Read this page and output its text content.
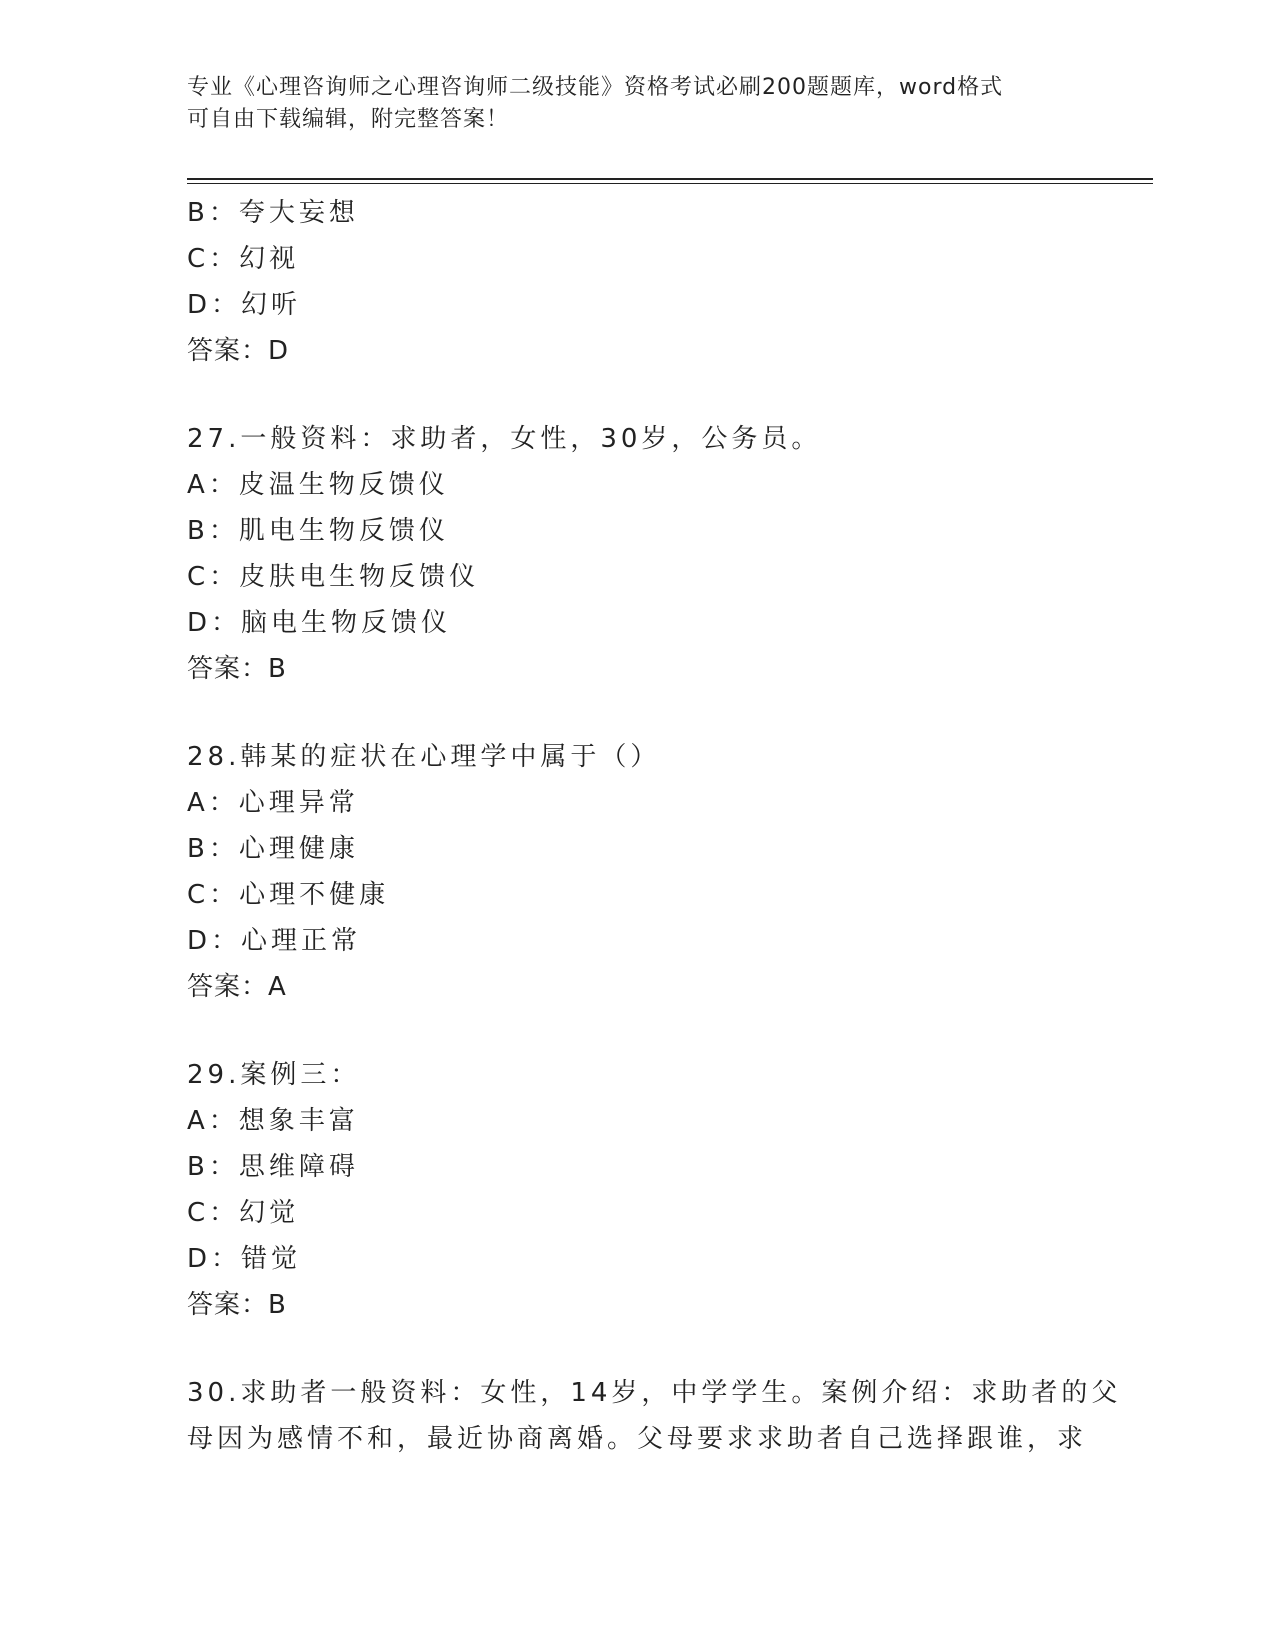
专业《心理咨询师之心理咨询师二级技能》资格考试必刷200题题库，word格式
可自由下载编辑，附完整答案！
B：夸大妄想
C：幻视
D：幻听
答案：D
27.一般资料：求助者，女性，30岁，公务员。
A：皮温生物反馈仪
B：肌电生物反馈仪
C：皮肤电生物反馈仪
D：脑电生物反馈仪
答案：B
28.韩某的症状在心理学中属于（）
A：心理异常
B：心理健康
C：心理不健康
D：心理正常
答案：A
29.案例三：
A：想象丰富
B：思维障碍
C：幻觉
D：错觉
答案：B
30.求助者一般资料：女性，14岁，中学学生。案例介绍：求助者的父
母因为感情不和，最近协商离婚。父母要求求助者自己选择跟谁，求
